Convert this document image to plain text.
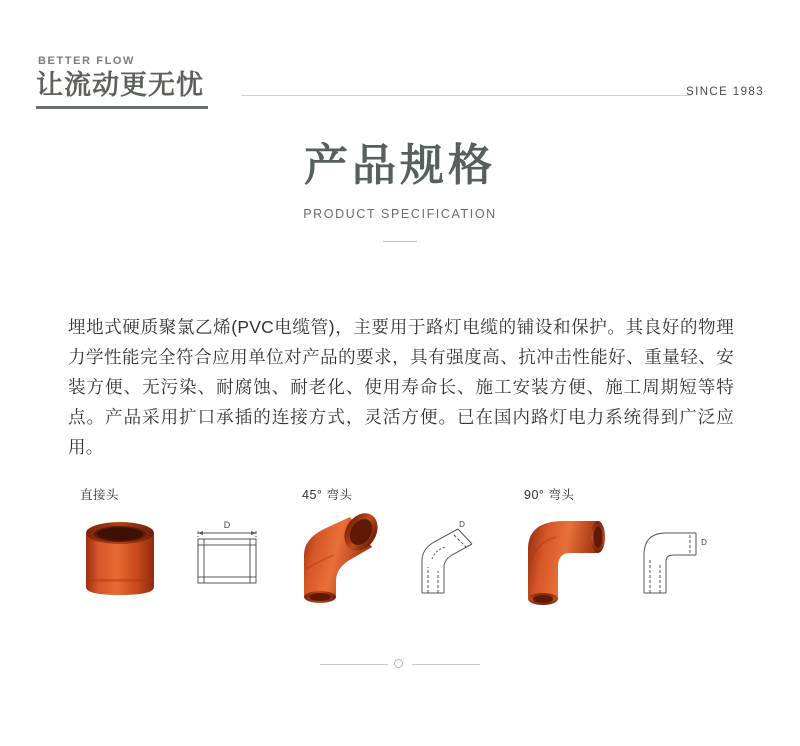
BETTER FLOW

让流动更无忧	SINCE 1983
产品规格

PRODUCT SPECIFICATION

埋地式硬质聚氯乙烯(PVC电缆管)，主要用于路灯电缆的铺设和保护。其良好的物理力学性能完全符合应用单位对产品的要求，具有强度高、抗冲击性能好、重量轻、安装方便、无污染、耐腐蚀、耐老化、使用寿命长、施工安装方便、施工周期短等特点。产品采用扩口承插的连接方式，灵活方便。已在国内路灯电力系统得到广泛应用。

直接头

D

45° 弯头

D

90° 弯头

D
